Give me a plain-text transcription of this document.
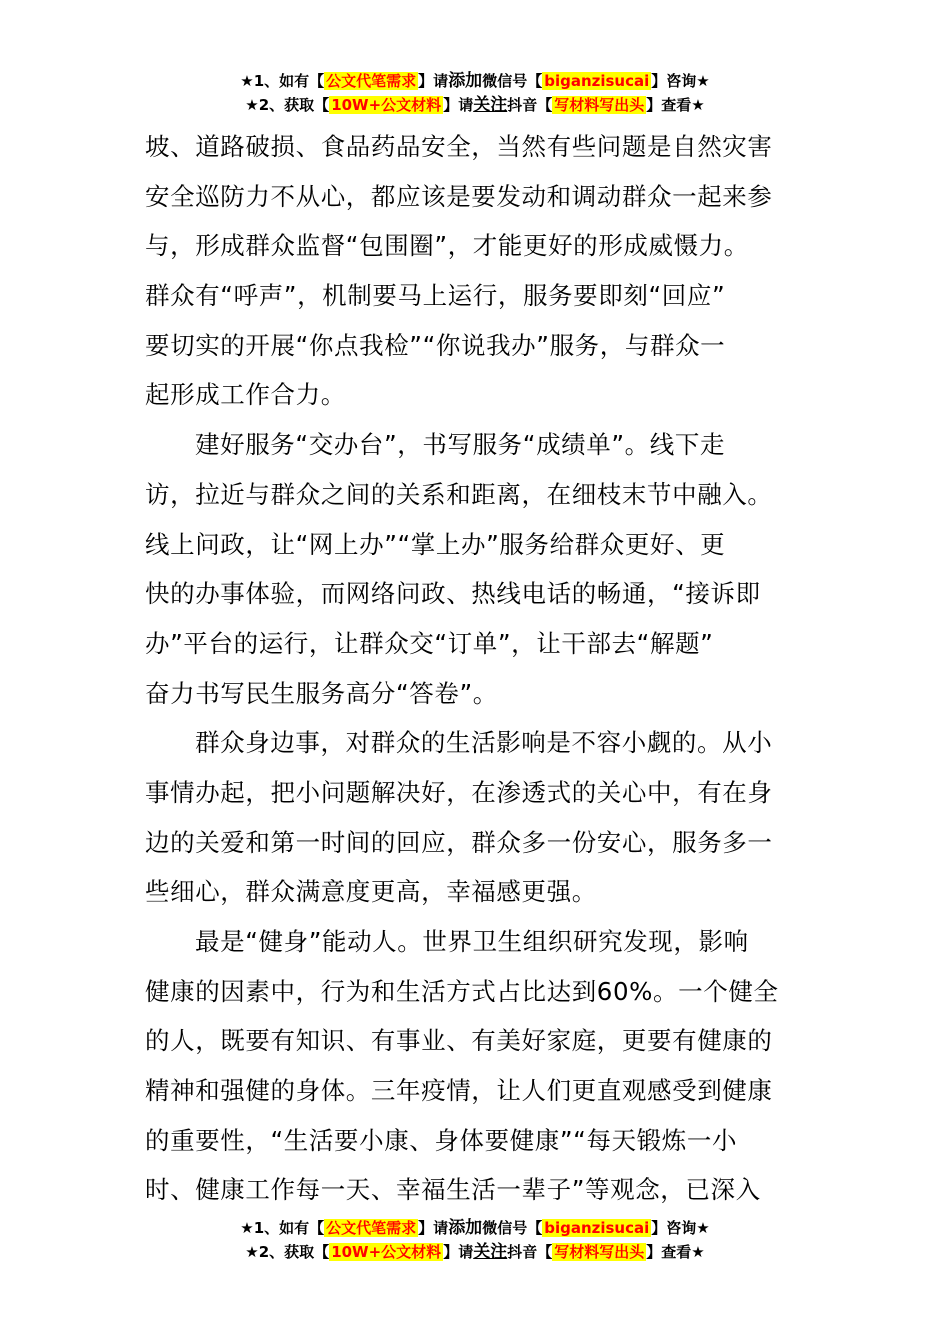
★1、如有【 公文代笔需求 】请添加微信号【 biganzisucai 】咨询★
★2、获取【 10W+公文材料 】请关注抖音【 写材料写出头 】查看★
坡、道路破损、食品药品安全，当然有些问题是自然灾害
安全巡防力不从心，都应该是要发动和调动群众一起来参
与，形成群众监督“包围圈”，才能更好的形成威慑力。
群众有“呼声”，机制要马上运行，服务要即刻“回应”
要切实的开展“你点我检”“你说我办”服务，与群众一
起形成工作合力。
建好服务“交办台”，书写服务“成绩单”。线下走
访，拉近与群众之间的关系和距离，在细枝末节中融入。
线上问政，让“网上办”“掌上办”服务给群众更好、更
快的办事体验，而网络问政、热线电话的畅通，“接诉即
办”平台的运行，让群众交“订单”，让干部去“解题”
奋力书写民生服务高分“答卷”。
群众身边事，对群众的生活影响是不容小觑的。从小
事情办起，把小问题解决好，在渗透式的关心中，有在身
边的关爱和第一时间的回应，群众多一份安心，服务多一
些细心，群众满意度更高，幸福感更强。
最是“健身”能动人。世界卫生组织研究发现，影响
健康的因素中，行为和生活方式占比达到60%。一个健全
的人，既要有知识、有事业、有美好家庭，更要有健康的
精神和强健的身体。三年疫情，让人们更直观感受到健康
的重要性，“生活要小康、身体要健康”“每天锻炼一小
时、健康工作每一天、幸福生活一辈子”等观念，已深入
★1、如有【 公文代笔需求 】请添加微信号【 biganzisucai 】咨询★
★2、获取【 10W+公文材料 】请关注抖音【 写材料写出头 】查看★
